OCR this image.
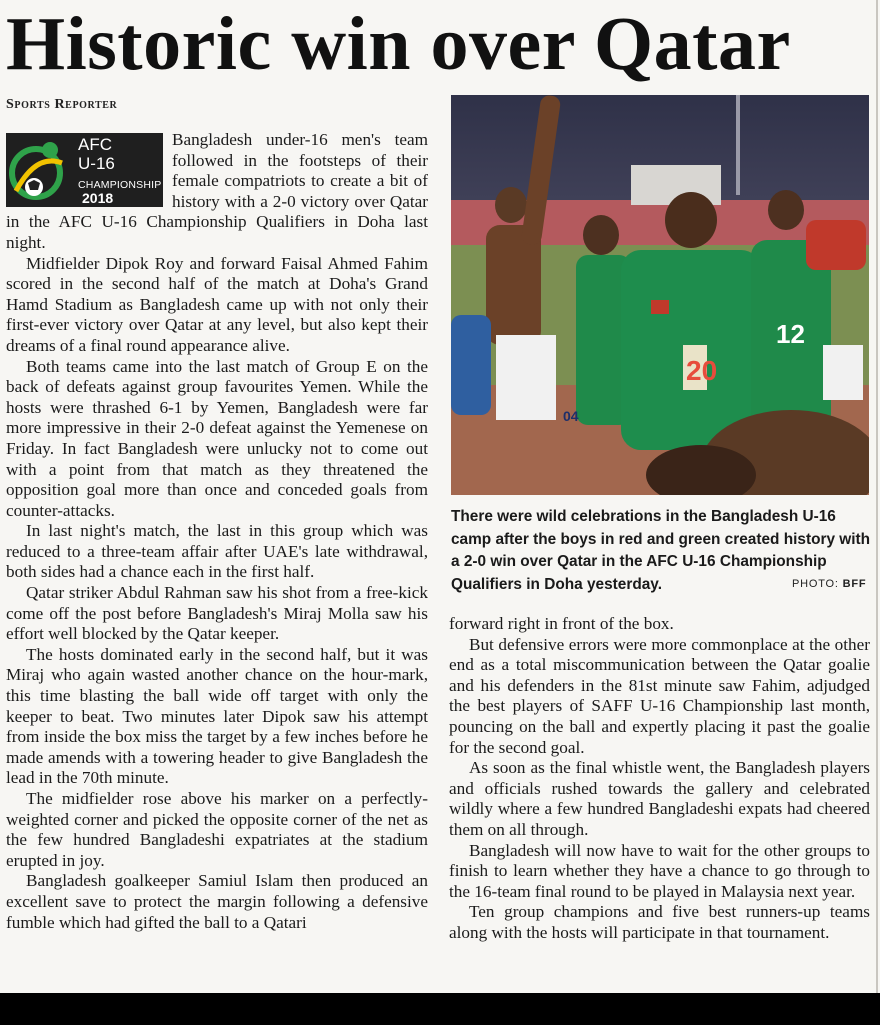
Historic win over Qatar
Sports Reporter
AFC
U-16
CHAMPIONSHIP
2018

Bangladesh under-16 men's team followed in the footsteps of their female compatriots to create a bit of history with a 2-0 victory over Qatar in the AFC U-16 Championship Qualifiers in Doha last night.

Midfielder Dipok Roy and forward Faisal Ahmed Fahim scored in the second half of the match at Doha's Grand Hamd Stadium as Bangladesh came up with not only their first-ever victory over Qatar at any level, but also kept their dreams of a final round appearance alive.

Both teams came into the last match of Group E on the back of defeats against group favourites Yemen. While the hosts were thrashed 6-1 by Yemen, Bangladesh were far more impressive in their 2-0 defeat against the Yemenese on Friday. In fact Bangladesh were unlucky not to come out with a point from that match as they threatened the opposition goal more than once and conceded goals from counter-attacks.

In last night's match, the last in this group which was reduced to a three-team affair after UAE's late withdrawal, both sides had a chance each in the first half.

Qatar striker Abdul Rahman saw his shot from a free-kick come off the post before Bangladesh's Miraj Molla saw his effort well blocked by the Qatar keeper.

The hosts dominated early in the second half, but it was Miraj who again wasted another chance on the hour-mark, this time blasting the ball wide off target with only the keeper to beat. Two minutes later Dipok saw his attempt from inside the box miss the target by a few inches before he made amends with a towering header to give Bangladesh the lead in the 70th minute.

The midfielder rose above his marker on a perfectly-weighted corner and picked the opposite corner of the net as the few hundred Bangladeshi expatriates at the stadium erupted in joy.

Bangladesh goalkeeper Samiul Islam then produced an excellent save to protect the margin following a defensive fumble which had gifted the ball to a Qatari

20
12
04
There were wild celebrations in the Bangladesh U-16 camp after the boys in red and green created history with a 2-0 win over Qatar in the AFC U-16 Championship Qualifiers in Doha yesterday.	PHOTO: BFF

forward right in front of the box.

But defensive errors were more commonplace at the other end as a total miscommunication between the Qatar goalie and his defenders in the 81st minute saw Fahim, adjudged the best players of SAFF U-16 Championship last month, pouncing on the ball and expertly placing it past the goalie for the second goal.

As soon as the final whistle went, the Bangladesh players and officials rushed towards the gallery and celebrated wildly where a few hundred Bangladeshi expats had cheered them on all through.

Bangladesh will now have to wait for the other groups to finish to learn whether they have a chance to go through to the 16-team final round to be played in Malaysia next year.

Ten group champions and five best runners-up teams along with the hosts will participate in that tournament.
